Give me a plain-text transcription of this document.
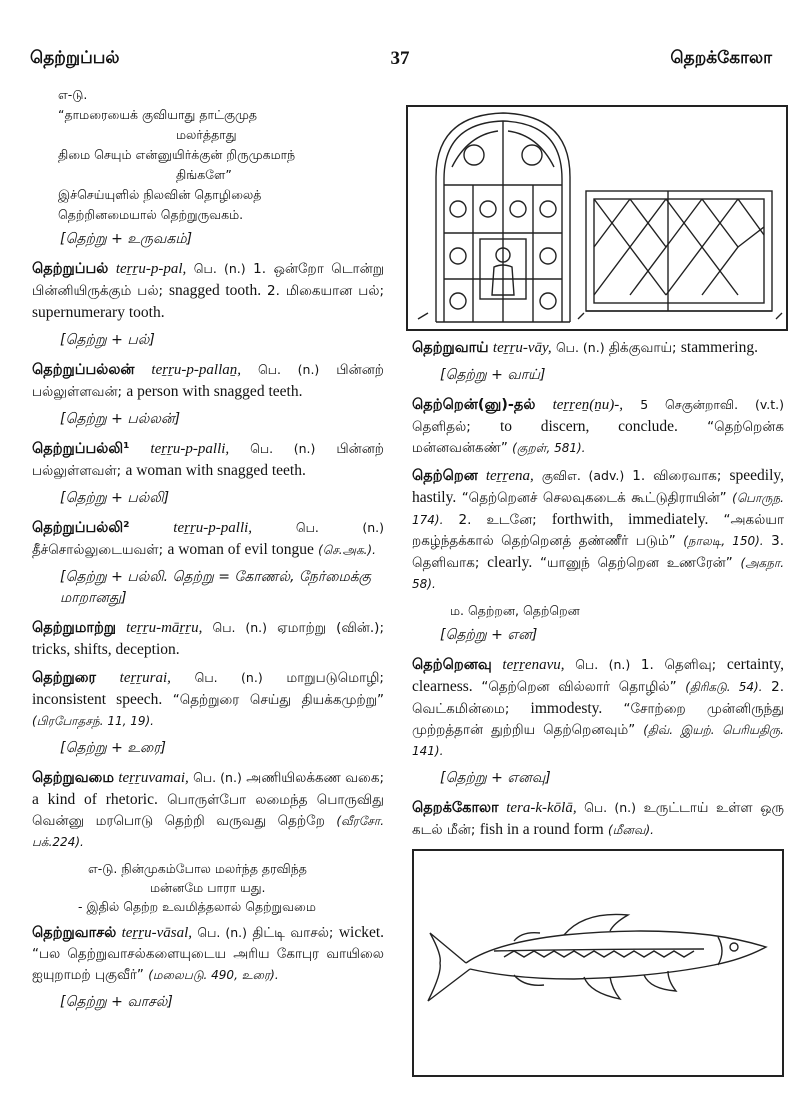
தெற்றுப்பல்	37	தெறக்கோலா
எ-டு.
“தாமரையைக் குவியாது தாட்குமுத
மலர்த்தாது
திமை செயும் என்னுயிர்க்குன் றிருமுகமாந்
திங்களே”
இச்செய்யுளில் நிலவின் தொழிலைத்
தெற்றினமையால் தெற்றுருவகம்.
[தெற்று + உருவகம்]
தெற்றுப்பல் teṟṟu-p-pal, பெ. (n.) 1. ஒன்றோ டொன்று பின்னியிருக்கும் பல்; snagged tooth. 2. மிகையான பல்; supernumerary tooth.
[தெற்று + பல்]
தெற்றுப்பல்லன் teṟṟu-p-pallaṉ, பெ. (n.) பின்னற் பல்லுள்ளவன்; a person with snagged teeth.
[தெற்று + பல்லன்]
தெற்றுப்பல்லி¹ teṟṟu-p-palli, பெ. (n.) பின்னற் பல்லுள்ளவள்; a woman with snagged teeth.
[தெற்று + பல்லி]
தெற்றுப்பல்லி²	teṟṟu-p-palli,	பெ. (n.) தீச்சொல்லுடையவள்; a woman of evil tongue (செ.அக.).
[தெற்று + பல்லி. தெற்று = கோணல், நேர்மைக்கு மாறானது]
தெற்றுமாற்று teṟṟu-māṟṟu, பெ. (n.) ஏமாற்று (வின்.); tricks, shifts, deception.
தெற்றுரை teṟṟurai, பெ. (n.) மாறுபடுமொழி; inconsistent speech. “தெற்றுரை செய்து தியக்கமுற்று” (பிரபோதசந். 11, 19).
[தெற்று + உரை]
தெற்றுவமை teṟṟuvamai, பெ. (n.) அணியிலக்கண வகை; a kind of rhetoric. பொருள்போ லமைந்த பொருவிது வென்னு மரபொடு தெற்றி வருவது தெற்றே (வீரசோ. பக்.224).
எ-டு. நின்முகம்போல மலர்ந்த தரவிந்த
மன்னமே பாரா யது.
- இதில் தெற்ற உவமித்தலால் தெற்றுவமை
தெற்றுவாசல் teṟṟu-vāsal, பெ. (n.) திட்டி வாசல்; wicket. “பல தெற்றுவாசல்களையுடைய அரிய கோபுர வாயிலை ஐயுறாமற் புகுவீர்” (மலைபடு. 490, உரை).
[தெற்று + வாசல்]
தெற்றுவாய் teṟṟu-vāy, பெ. (n.) திக்குவாய்; stammering.
[தெற்று + வாய்]
தெற்றென்(னு)-தல் teṟṟeṉ(ṉu)-, 5 செகுன்றாவி. (v.t.) தெளிதல்; to discern, conclude. “தெற்றென்க மன்னவன்கண்” (குறள், 581).
தெற்றென teṟṟena, குவிஎ. (adv.) 1. விரைவாக; speedily, hastily. “தெற்றெனச் செலவுகடைக் கூட்டுதிராயின்” (பொருந. 174). 2. உடனே; forthwith, immediately. “அகல்யா றகழ்ந்தக்கால் தெற்றெனத் தண்ணீர் படும்” (நாலடி, 150). 3. தெளிவாக; clearly. “யானுந் தெற்றென உணரேன்” (அகநா. 58).
ம. தெற்றன, தெற்றென
[தெற்று + என]
தெற்றெனவு teṟṟenavu, பெ. (n.) 1. தெளிவு; certainty, clearness. “தெற்றென வில்லார் தொழில்” (திரிகடு. 54). 2. வெட்கமின்மை; immodesty. “சோற்றை முன்னிருந்து முற்றத்தான் துற்றிய தெற்றெனவும்” (திவ். இயற். பெரியதிரு. 141).
[தெற்று + எனவு]
தெறக்கோலா tera-k-kōlā, பெ. (n.) உருட்டாய் உள்ள ஒரு கடல் மீன்; fish in a round form (மீனவ).
